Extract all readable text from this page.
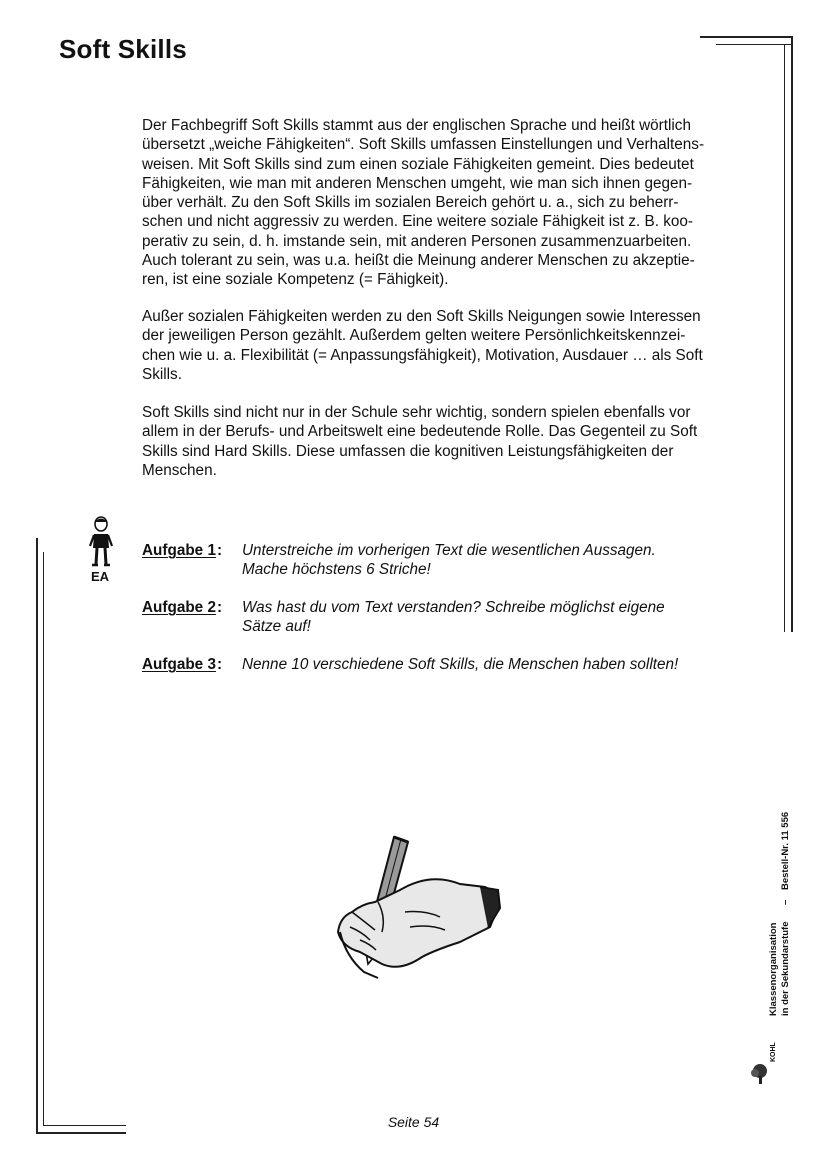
Soft Skills
Der Fachbegriff Soft Skills stammt aus der englischen Sprache und heißt wörtlich
übersetzt „weiche Fähigkeiten“. Soft Skills umfassen Einstellungen und Verhaltens-
weisen. Mit Soft Skills sind zum einen soziale Fähigkeiten gemeint. Dies bedeutet
Fähigkeiten, wie man mit anderen Menschen umgeht, wie man sich ihnen gegen-
über verhält. Zu den Soft Skills im sozialen Bereich gehört u. a., sich zu beherr-
schen und nicht aggressiv zu werden. Eine weitere soziale Fähigkeit ist z. B. koo-
perativ zu sein, d. h. imstande sein, mit anderen Personen zusammenzuarbeiten.
Auch tolerant zu sein, was u.a. heißt die Meinung anderer Menschen zu akzeptie-
ren, ist eine soziale Kompetenz (= Fähigkeit).
Außer sozialen Fähigkeiten werden zu den Soft Skills Neigungen sowie Interessen
der jeweiligen Person gezählt. Außerdem gelten weitere Persönlichkeitskennzei-
chen wie u. a. Flexibilität (= Anpassungsfähigkeit), Motivation, Ausdauer … als Soft
Skills.
Soft Skills sind nicht nur in der Schule sehr wichtig, sondern spielen ebenfalls vor
allem in der Berufs- und Arbeitswelt eine bedeutende Rolle. Das Gegenteil zu Soft
Skills sind Hard Skills. Diese umfassen die kognitiven Leistungsfähigkeiten der
Menschen.
EA
Aufgabe 1 : Unterstreiche im vorherigen Text die wesentlichen Aussagen.
Mache höchstens 6 Striche!
Aufgabe 2 : Was hast du vom Text verstanden? Schreibe möglichst eigene
Sätze auf!
Aufgabe 3 : Nenne 10 verschiedene Soft Skills, die Menschen haben sollten!
Seite 54
Bestell-Nr. 11 556
–
Klassenorganisation in der Sekundarstufe
KOHL
